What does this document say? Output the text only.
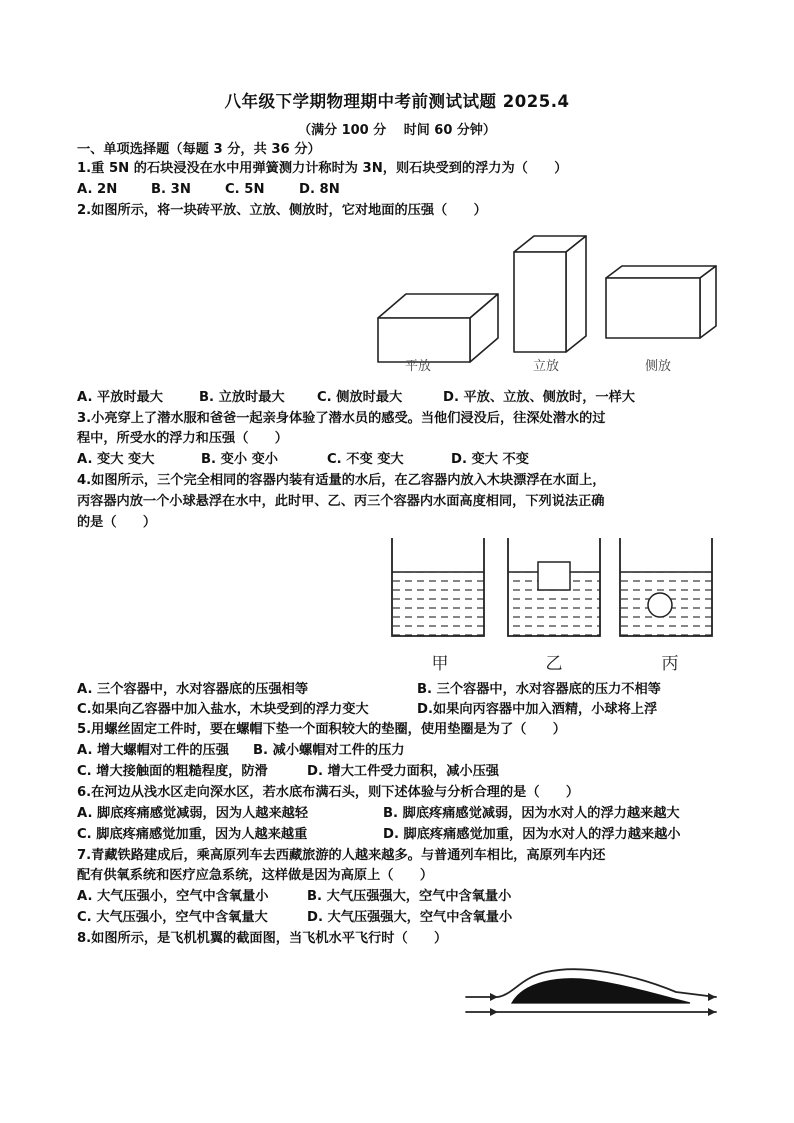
八年级下学期物理期中考前测试试题 2025.4
（满分 100 分　 时间 60 分钟）
一、单项选择题（每题 3 分，共 36 分）
1.重 5N 的石块浸没在水中用弹簧测力计称时为 3N，则石块受到的浮力为（　　）
A. 2N	B. 3N	C. 5N	D. 8N
2.如图所示，将一块砖平放、立放、侧放时，它对地面的压强（　　）
平放	立放	侧放
A. 平放时最大	B. 立放时最大 C. 侧放时最大	D. 平放、立放、侧放时，一样大
3.小亮穿上了潜水服和爸爸一起亲身体验了潜水员的感受。当他们浸没后，往深处潜水的过
程中，所受水的浮力和压强（　　）
A. 变大 变大	B. 变小 变小	C. 不变 变大	D. 变大 不变
4.如图所示，三个完全相同的容器内装有适量的水后，在乙容器内放入木块漂浮在水面上，
丙容器内放一个小球悬浮在水中，此时甲、乙、丙三个容器内水面高度相同，下列说法正确
的是（　　）
甲	乙	丙
A. 三个容器中，水对容器底的压强相等	B. 三个容器中，水对容器底的压力不相等
C.如果向乙容器中加入盐水，木块受到的浮力变大	D.如果向丙容器中加入酒精，小球将上浮
5.用螺丝固定工件时，要在螺帽下垫一个面积较大的垫圈，使用垫圈是为了（　　）
A. 增大螺帽对工件的压强 B. 减小螺帽对工件的压力
C. 增大接触面的粗糙程度，防滑	D. 增大工件受力面积，减小压强
6.在河边从浅水区走向深水区，若水底布满石头，则下述体验与分析合理的是（　　）
A. 脚底疼痛感觉减弱，因为人越来越轻	B. 脚底疼痛感觉减弱，因为水对人的浮力越来越大
C. 脚底疼痛感觉加重，因为人越来越重	D. 脚底疼痛感觉加重，因为水对人的浮力越来越小
7.青藏铁路建成后，乘高原列车去西藏旅游的人越来越多。与普通列车相比，高原列车内还
配有供氧系统和医疗应急系统，这样做是因为高原上（　　）
A. 大气压强小，空气中含氧量小	B. 大气压强强大，空气中含氧量小
C. 大气压强小，空气中含氧量大	D. 大气压强强大，空气中含氧量小
8.如图所示，是飞机机翼的截面图，当飞机水平飞行时（　　）
